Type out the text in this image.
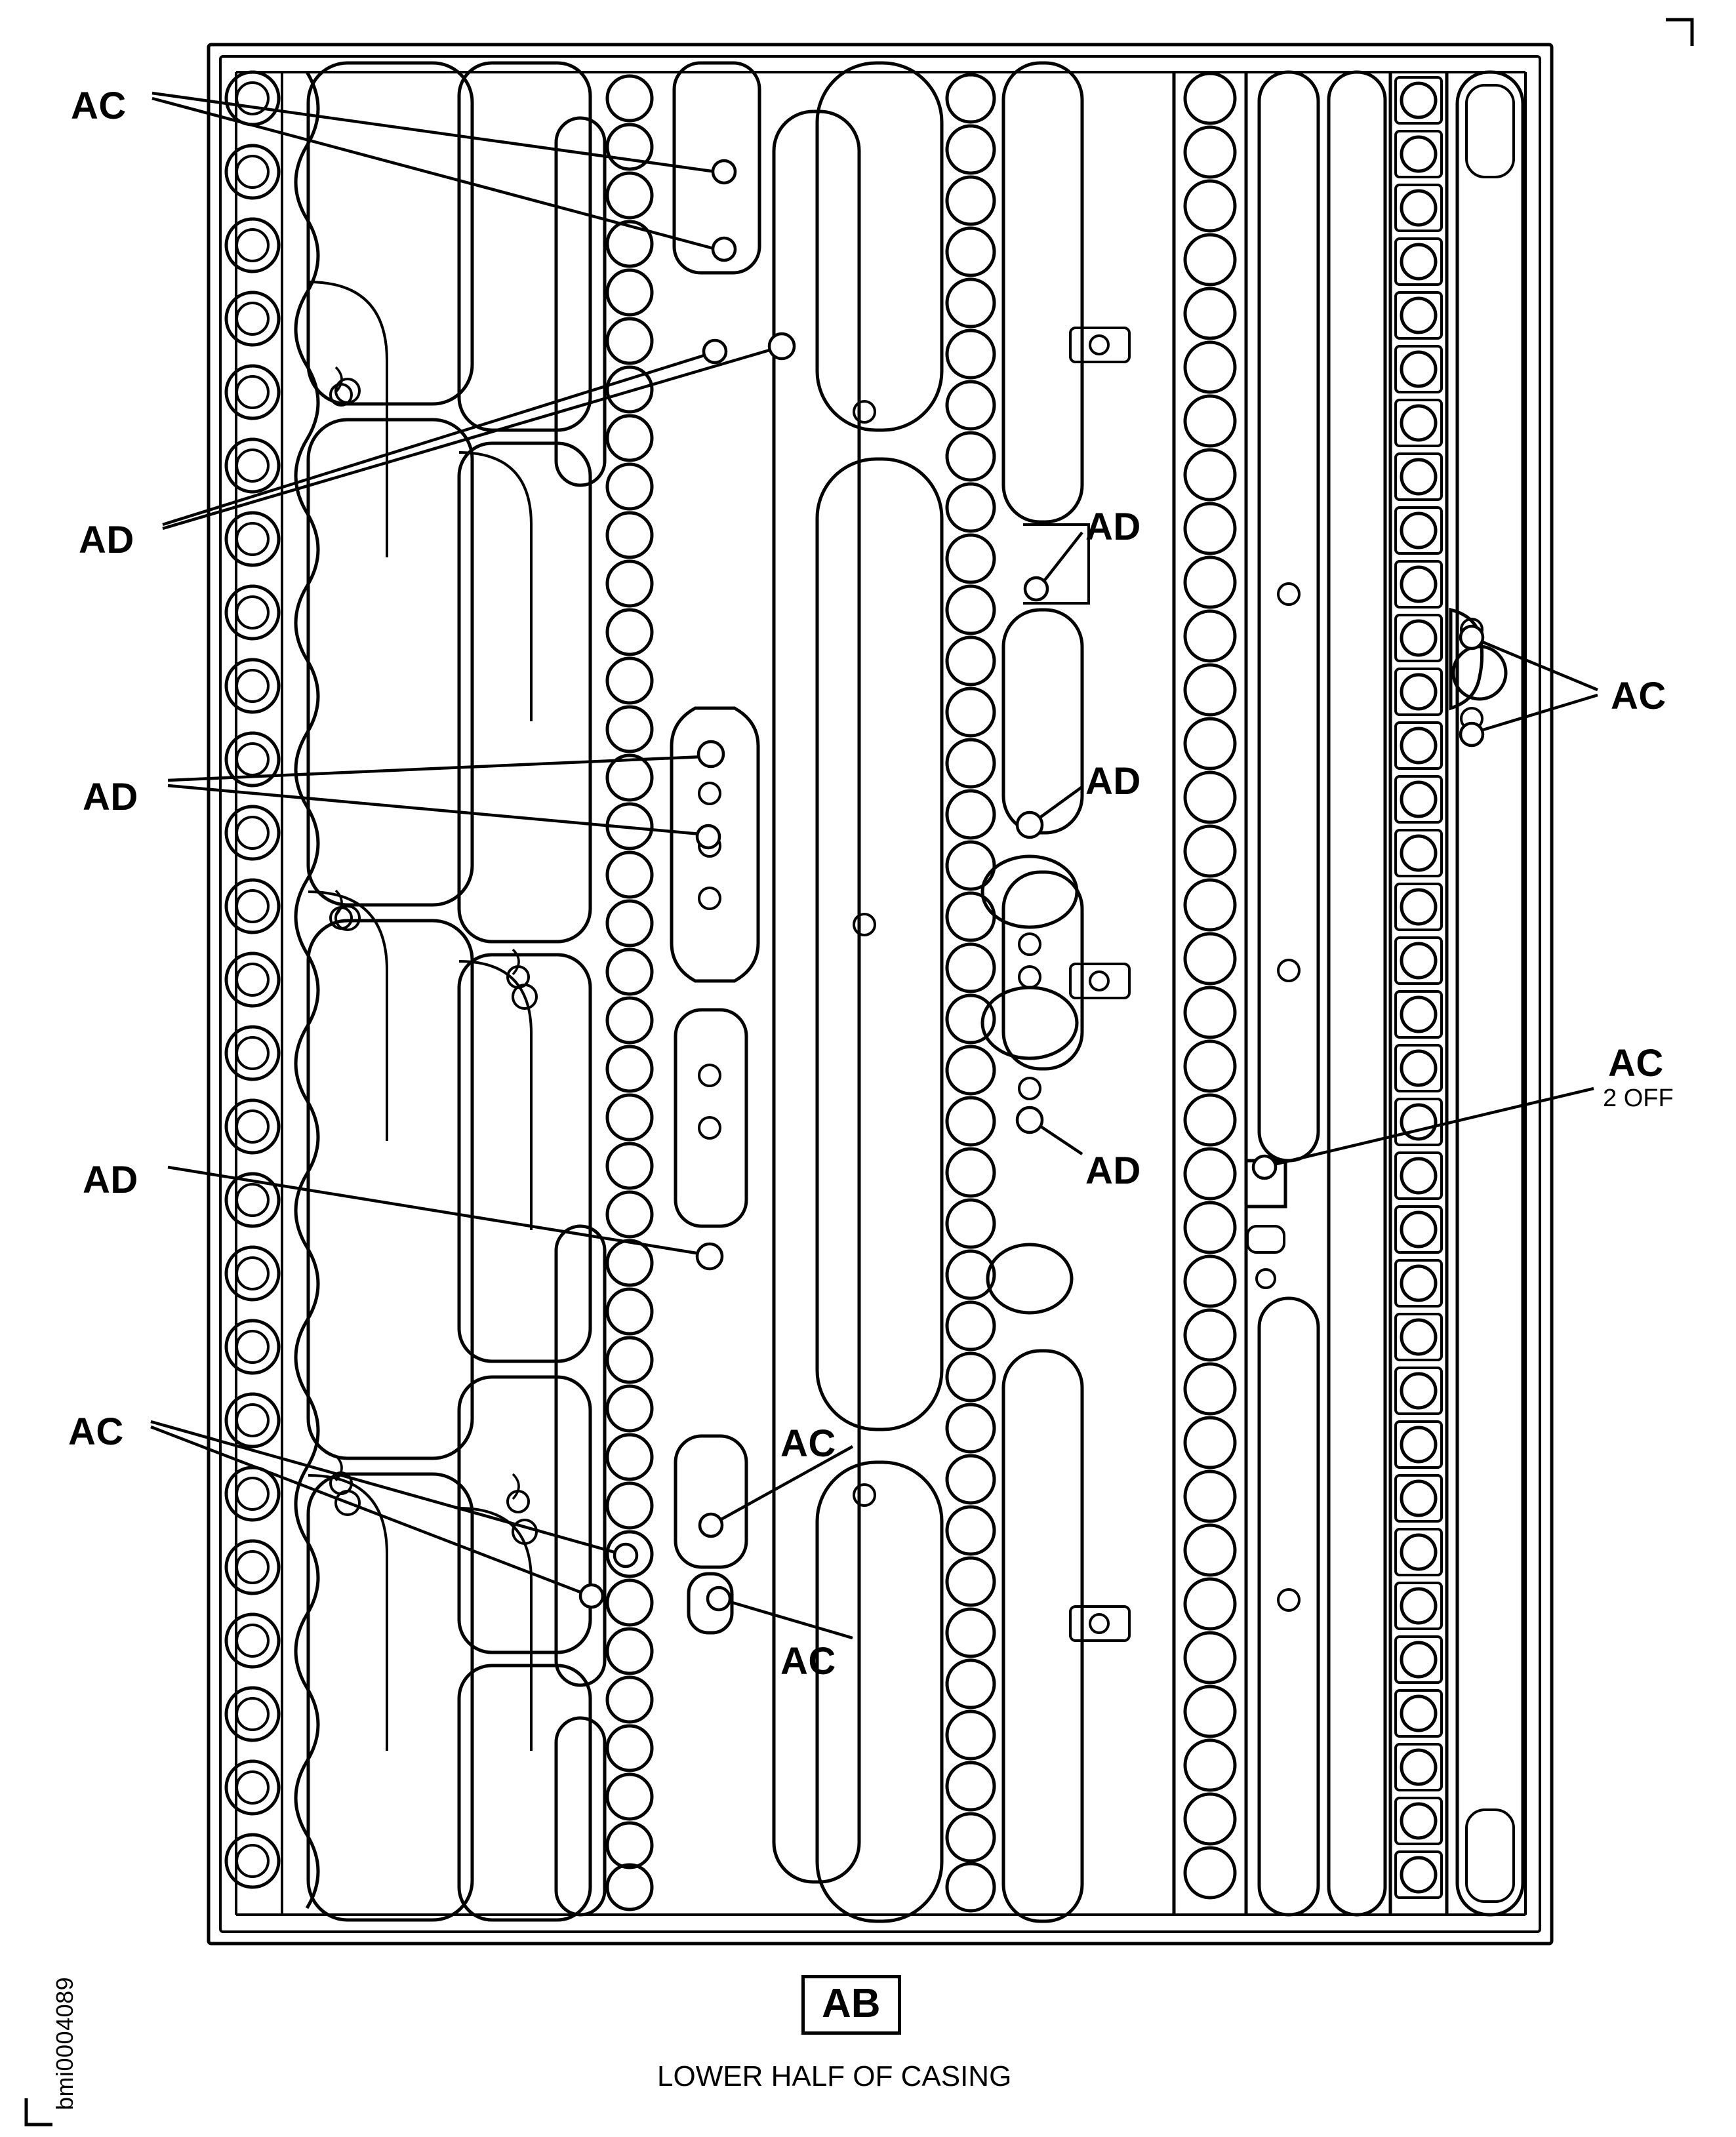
AC
AD
AD
AD
AC
AD
AD
AD
AC
AC
AC
AC
2 OFF
AB
LOWER HALF OF CASING
bmi0004089
